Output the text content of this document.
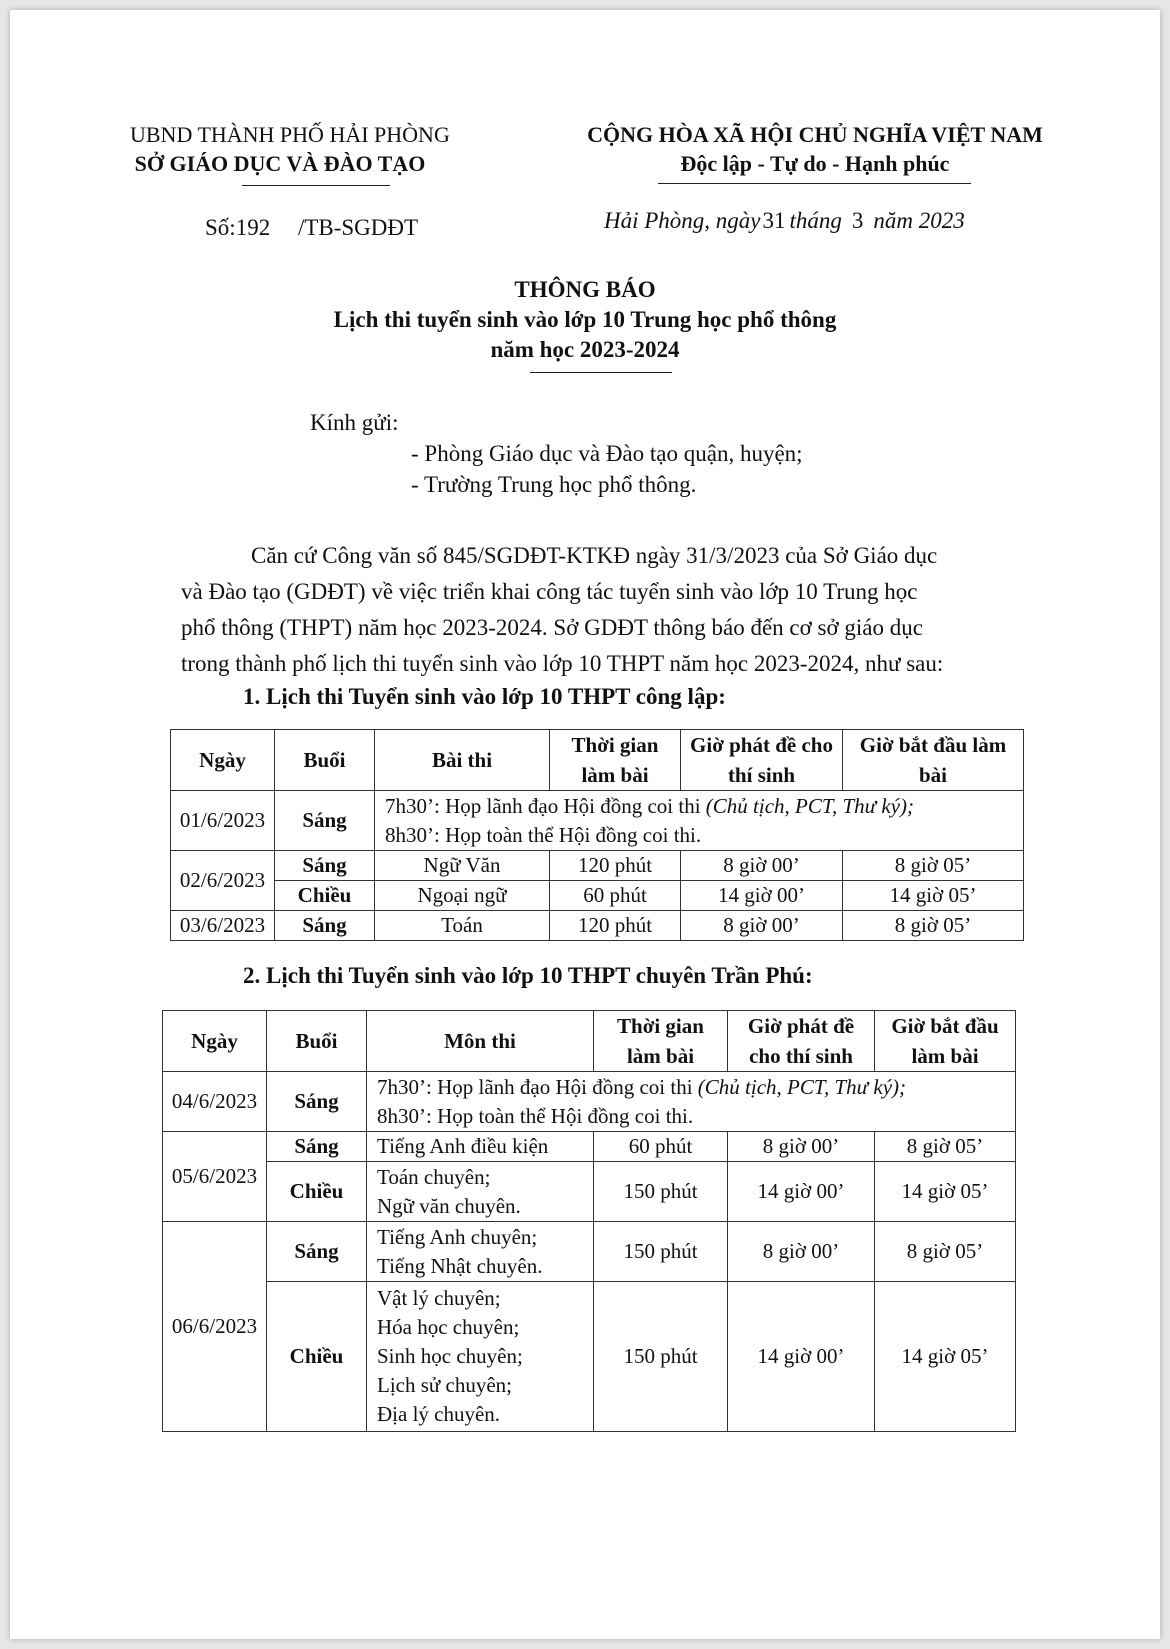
UBND THÀNH PHỐ HẢI PHÒNG
SỞ GIÁO DỤC VÀ ĐÀO TẠO
CỘNG HÒA XÃ HỘI CHỦ NGHĨA VIỆT NAM
Độc lập - Tự do - Hạnh phúc
Số:192 /TB-SGDĐT	Hải Phòng, ngày31 tháng 3 năm 2023
THÔNG BÁO
Lịch thi tuyển sinh vào lớp 10 Trung học phổ thông
năm học 2023-2024
Kính gửi:
- Phòng Giáo dục và Đào tạo quận, huyện;
- Trường Trung học phổ thông.

Căn cứ Công văn số 845/SGDĐT-KTKĐ ngày 31/3/2023 của Sở Giáo dục

và Đào tạo (GDĐT) về việc triển khai công tác tuyển sinh vào lớp 10 Trung học

phổ thông (THPT) năm học 2023-2024. Sở GDĐT thông báo đến cơ sở giáo dục

trong thành phố lịch thi tuyển sinh vào lớp 10 THPT năm học 2023-2024, như sau:

1. Lịch thi Tuyển sinh vào lớp 10 THPT công lập:
Ngày	Buổi	Bài thi	Thời gian làm bài	Giờ phát đề cho thí sinh	Giờ bắt đầu làm bài
01/6/2023	Sáng	7h30’: Họp lãnh đạo Hội đồng coi thi (Chủ tịch, PCT, Thư ký);
8h30’: Họp toàn thể Hội đồng coi thi.			

02/6/2023	Sáng	Ngữ Văn	120 phút	8 giờ 00’	8 giờ 05’
	Chiều	Ngoại ngữ	60 phút	14 giờ 00’	14 giờ 05’
03/6/2023	Sáng	Toán	120 phút	8 giờ 00’	8 giờ 05’
2. Lịch thi Tuyển sinh vào lớp 10 THPT chuyên Trần Phú:
Ngày	Buổi	Môn thi	Thời gian làm bài	Giờ phát đề cho thí sinh	Giờ bắt đầu làm bài
04/6/2023	Sáng	7h30’: Họp lãnh đạo Hội đồng coi thi (Chủ tịch, PCT, Thư ký);
8h30’: Họp toàn thể Hội đồng coi thi.			

05/6/2023	Sáng	Tiếng Anh điều kiện	60 phút	8 giờ 00’	8 giờ 05’
	Chiều	Toán chuyên;
Ngữ văn chuyên.	150 phút	14 giờ 00’	14 giờ 05’
06/6/2023	Sáng	Tiếng Anh chuyên;
Tiếng Nhật chuyên.	150 phút	8 giờ 00’	8 giờ 05’
	Chiều	Vật lý chuyên;
Hóa học chuyên;
Sinh học chuyên;
Lịch sử chuyên;
Địa lý chuyên.	150 phút	14 giờ 00’	14 giờ 05’
